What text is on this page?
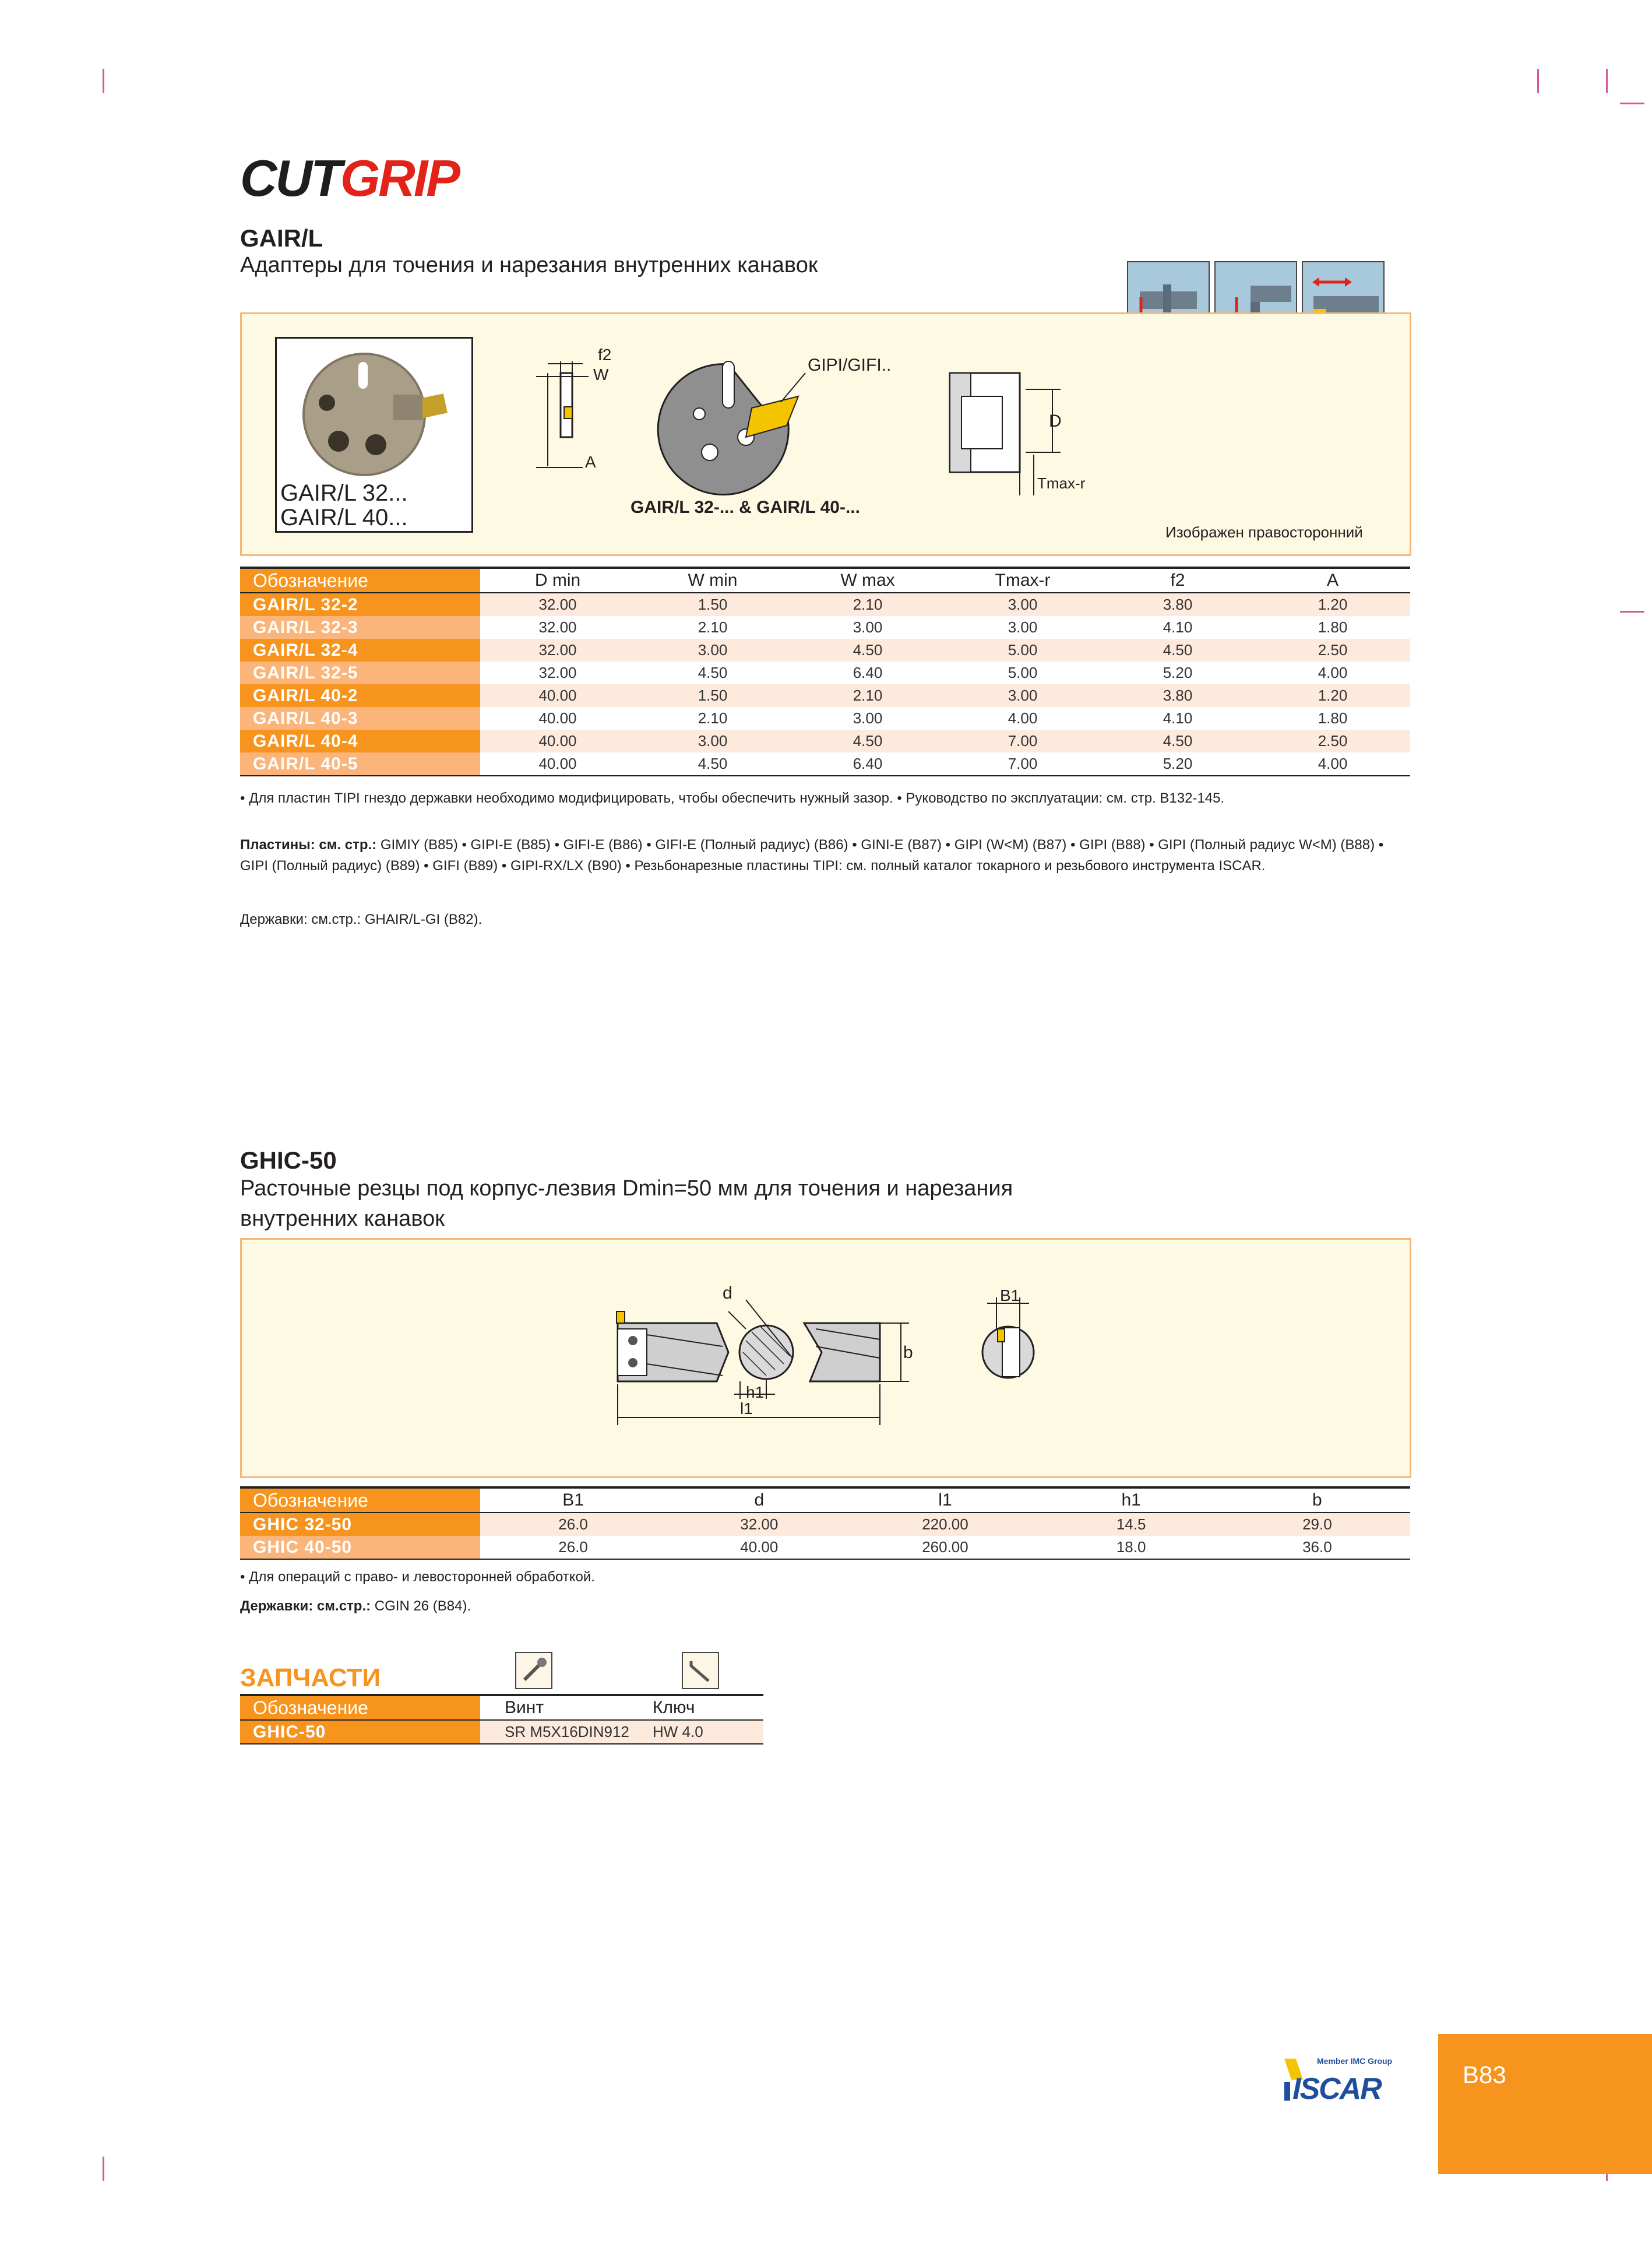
CUTGRIP
GAIR/L
Адаптеры для точения и нарезания внутренних канавок
GAIR/L 32...
GAIR/L 40...
f2
W
A
GIPI/GIFI..
D
Tmax-r
GAIR/L 32-... & GAIR/L 40-...
Изображен правосторонний
Обозначение	D min	W min	W max	Tmax-r	f2	A
GAIR/L 32-2	32.00	1.50	2.10	3.00	3.80	1.20
GAIR/L 32-3	32.00	2.10	3.00	3.00	4.10	1.80
GAIR/L 32-4	32.00	3.00	4.50	5.00	4.50	2.50
GAIR/L 32-5	32.00	4.50	6.40	5.00	5.20	4.00
GAIR/L 40-2	40.00	1.50	2.10	3.00	3.80	1.20
GAIR/L 40-3	40.00	2.10	3.00	4.00	4.10	1.80
GAIR/L 40-4	40.00	3.00	4.50	7.00	4.50	2.50
GAIR/L 40-5	40.00	4.50	6.40	7.00	5.20	4.00
• Для пластин TIPI гнездо державки необходимо модифицировать, чтобы обеспечить нужный зазор. • Руководство по эксплуатации: см. стр. B132-145.
Пластины: см. стр.: GIMIY (B85) • GIPI-E (B85) • GIFI-E (B86) • GIFI-E (Полный радиус) (B86) • GINI-E (B87) • GIPI (W<M) (B87) • GIPI (B88) • GIPI (Полный радиус W<M) (B88) • GIPI (Полный радиус) (B89) • GIFI (B89) • GIPI-RX/LX (B90) • Резьбонарезные пластины TIPI: см. полный каталог токарного и резьбового инструмента ISCAR.
Державки: см.стр.: GHAIR/L-GI (B82).
GHIC-50
Расточные резцы под корпус-лезвия Dmin=50 мм для точения и нарезания
внутренних канавок
d
b
h1
l1
B1
Обозначение	B1	d	l1	h1	b
GHIC 32-50	26.0	32.00	220.00	14.5	29.0
GHIC 40-50	26.0	40.00	260.00	18.0	36.0
• Для операций с право- и левосторонней обработкой.
Державки: см.стр.: CGIN 26 (B84).
ЗАПЧАСТИ
Обозначение	Винт	Ключ
GHIC-50	SR M5X16DIN912	HW 4.0
Member IMC Group
ISCAR	B83
